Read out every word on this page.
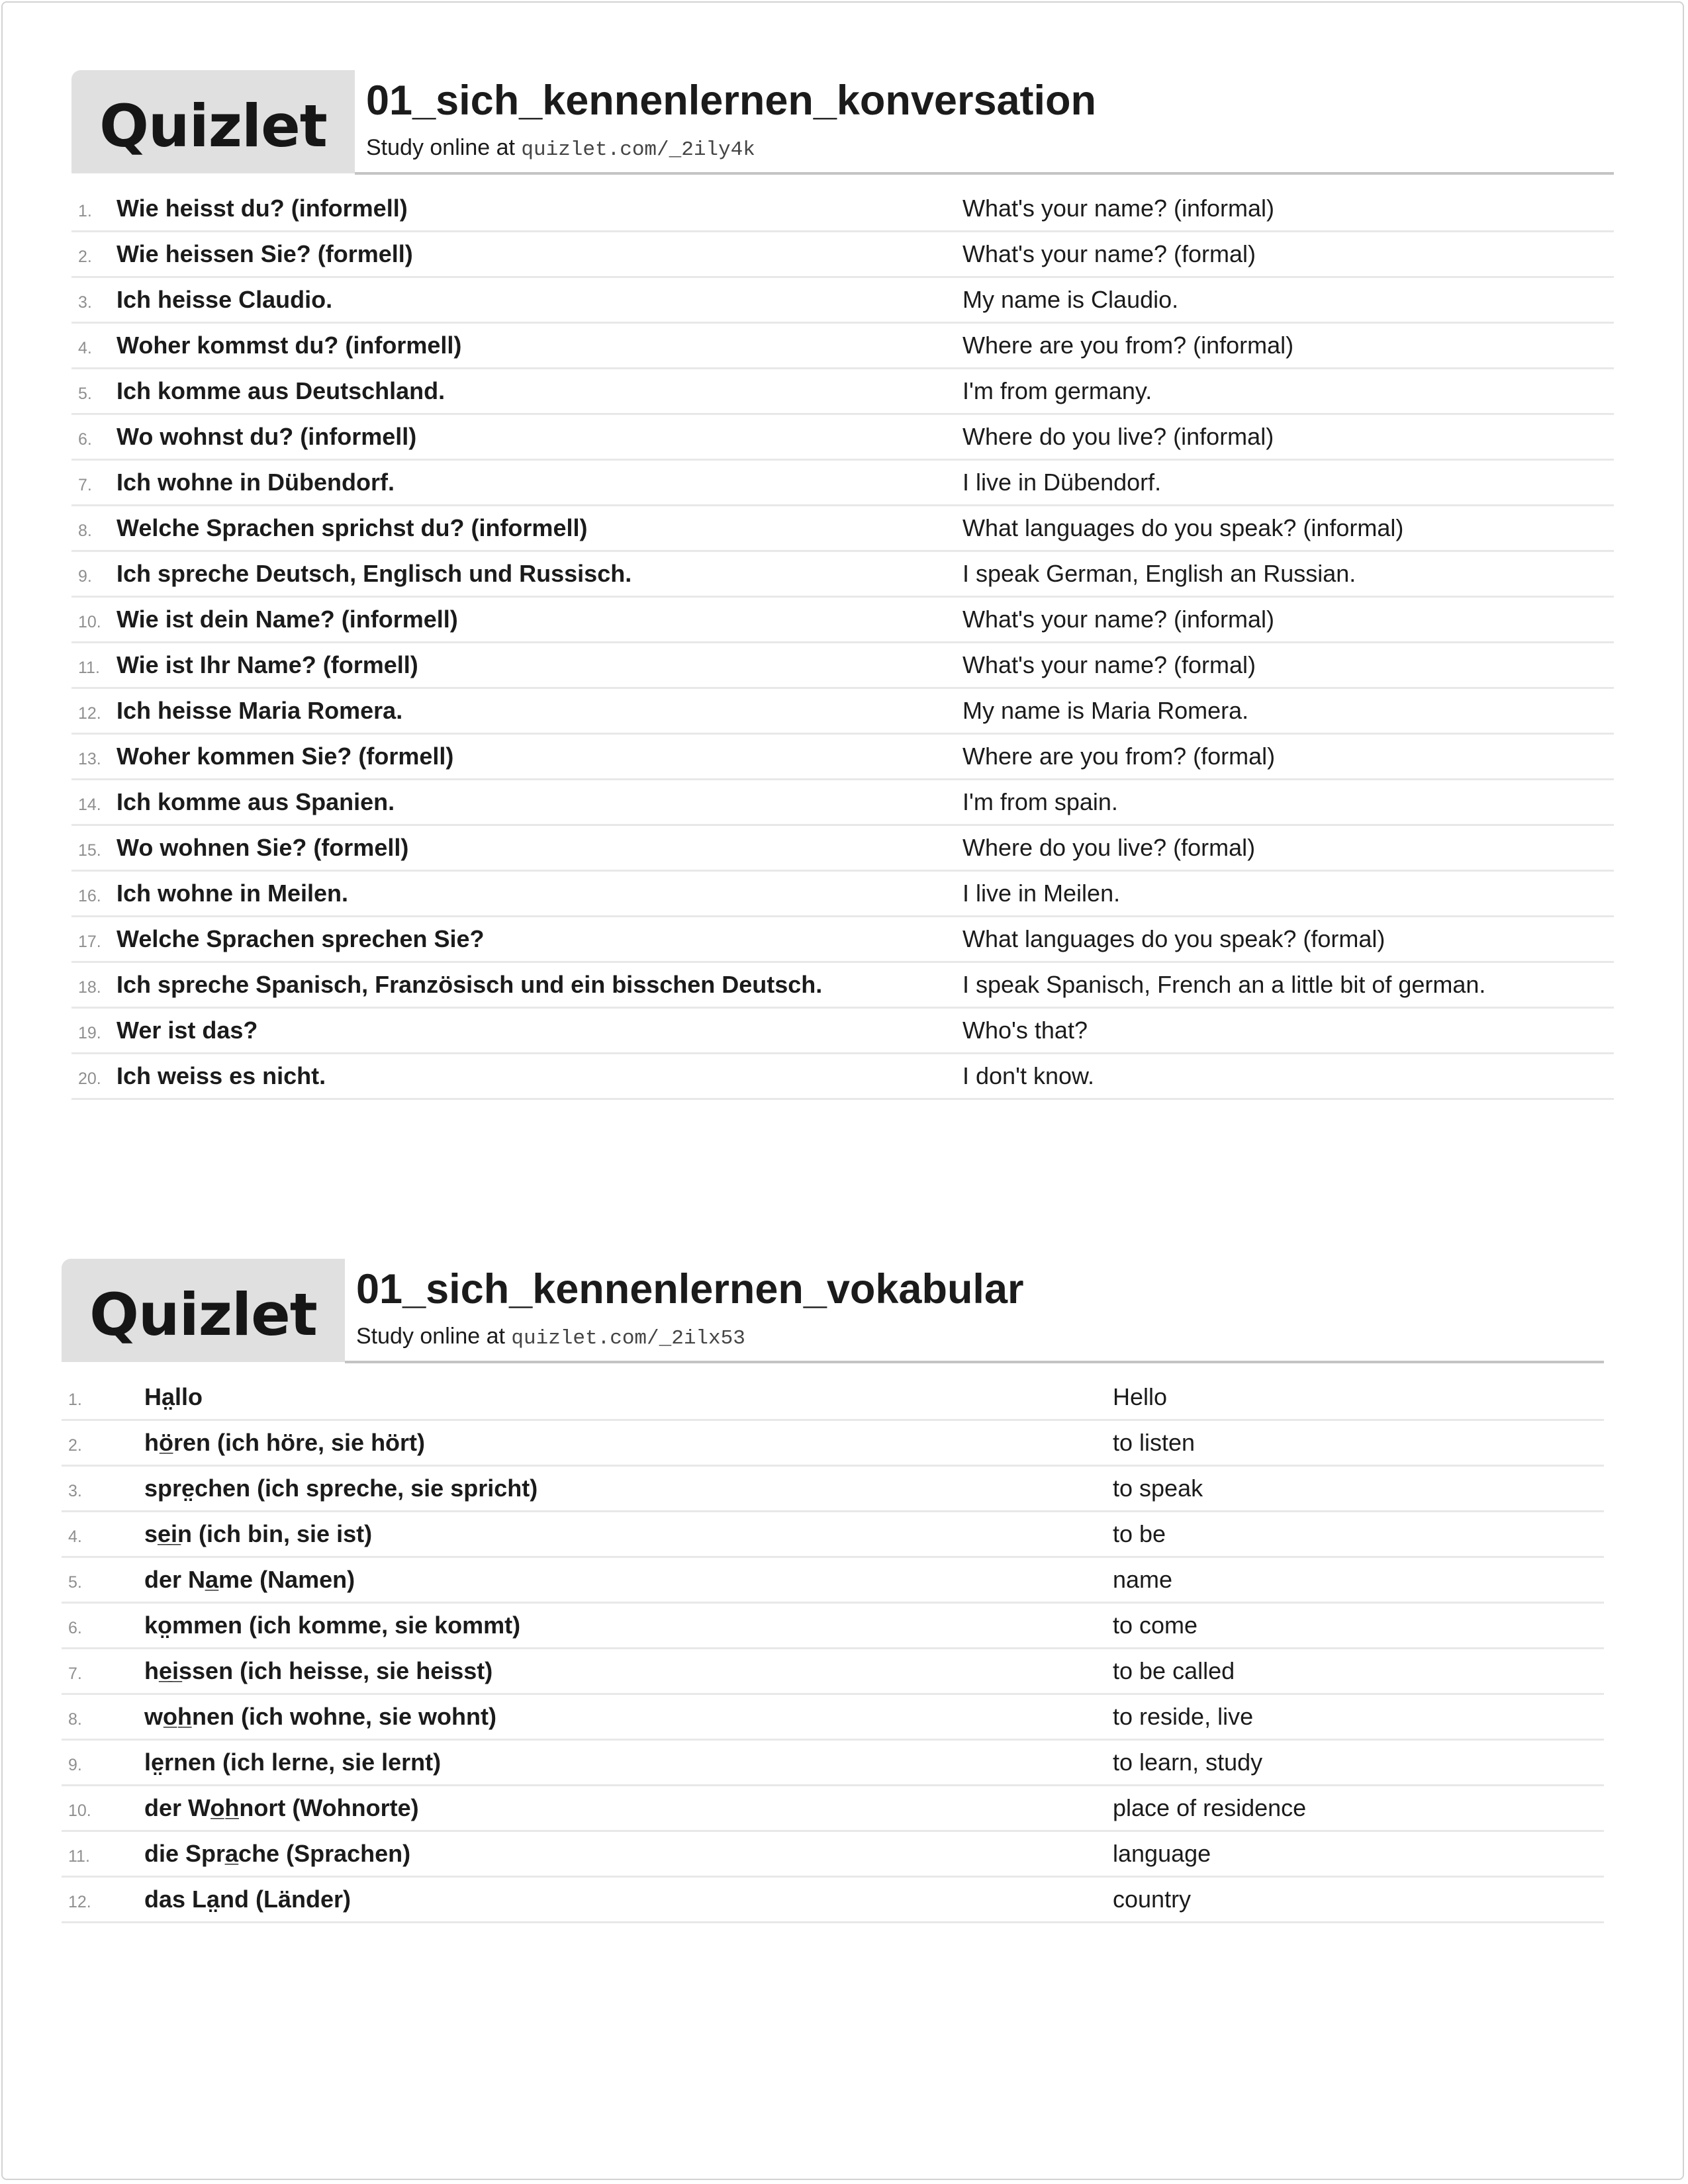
Quizlet 01_sich_kennenlernen_konversation
Study online at quizlet.com/_2ily4k
1. Wie heisst du? (informell)	What's your name? (informal)
2. Wie heissen Sie? (formell)	What's your name? (formal)
3. Ich heisse Claudio.	My name is Claudio.
4. Woher kommst du? (informell)	Where are you from? (informal)
5. Ich komme aus Deutschland.	I'm from germany.
6. Wo wohnst du? (informell)	Where do you live? (informal)
7. Ich wohne in Dübendorf.	I live in Dübendorf.
8. Welche Sprachen sprichst du? (informell)	What languages do you speak? (informal)
9. Ich spreche Deutsch, Englisch und Russisch.	I speak German, English an Russian.
10. Wie ist dein Name? (informell)	What's your name? (informal)
11. Wie ist Ihr Name? (formell)	What's your name? (formal)
12. Ich heisse Maria Romera.	My name is Maria Romera.
13. Woher kommen Sie? (formell)	Where are you from? (formal)
14. Ich komme aus Spanien.	I'm from spain.
15. Wo wohnen Sie? (formell)	Where do you live? (formal)
16. Ich wohne in Meilen.	I live in Meilen.
17. Welche Sprachen sprechen Sie?	What languages do you speak? (formal)
18. Ich spreche Spanisch, Französisch und ein bisschen Deutsch.	I speak Spanisch, French an a little bit of german.
19. Wer ist das?	Who's that?
20. Ich weiss es nicht.	I don't know.
Quizlet 01_sich_kennenlernen_vokabular
Study online at quizlet.com/_2ilx53
1.	Ha̤llo	Hello
2.	hö̲ren (ich höre, sie hört)	to listen
3.	spre̤chen (ich spreche, sie spricht)	to speak
4.	se̲i̲n (ich bin, sie ist)	to be
5.	der Na̲me (Namen)	name
6.	ko̤mmen (ich komme, sie kommt)	to come
7.	he̲i̲ssen (ich heisse, sie heisst)	to be called
8.	wo̲h̲nen (ich wohne, sie wohnt)	to reside, live
9.	le̤rnen (ich lerne, sie lernt)	to learn, study
10. der Wo̲h̲nort (Wohnorte)	place of residence
11. die Spra̲che (Sprachen)	language
12. das La̤nd (Länder)	country
